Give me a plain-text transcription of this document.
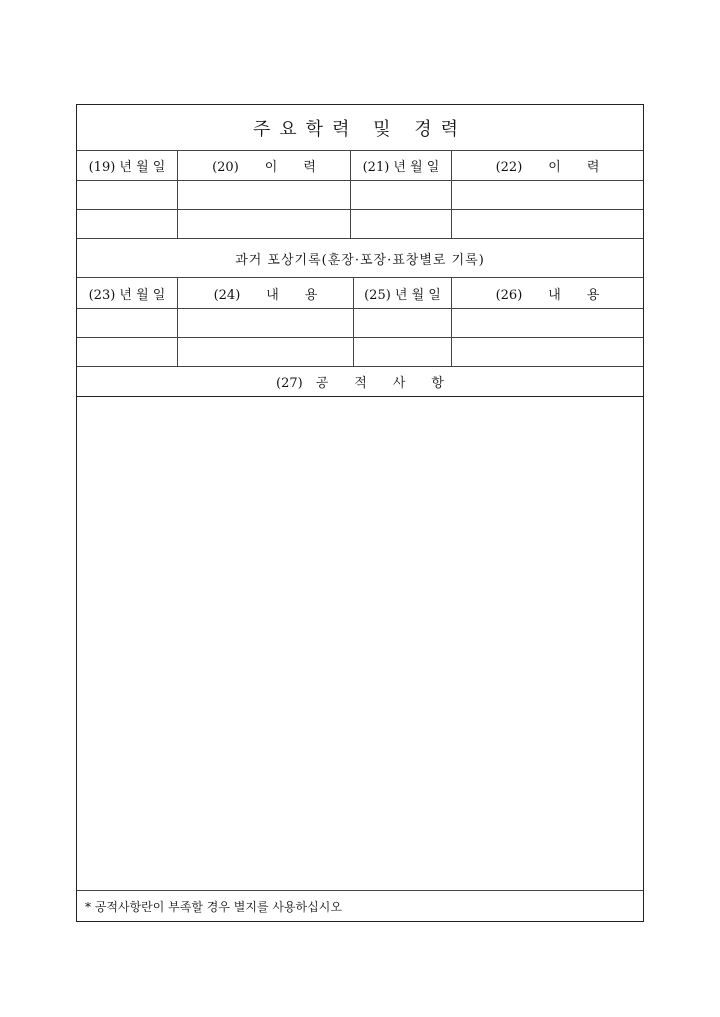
주요학력 및 경력
(19) 년 월 일	(20)　　이　　력	(21) 년 월 일	(22)　　이　　력
과거 포상기록(훈장·포장·표창별로 기록)
(23) 년 월 일	(24)　　내　　용	(25) 년 월 일	(26)　　내　　용
(27)　공　　적　　사　　항
* 공적사항란이 부족할 경우 별지를 사용하십시오
